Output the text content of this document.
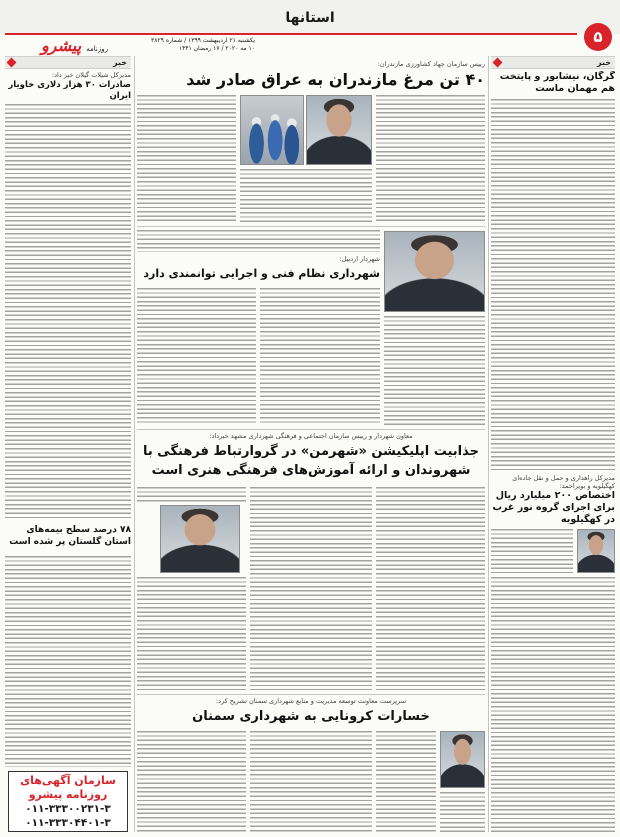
استانها
۵
روزنامه پیشرو	یکشنبه ۲۱ اردیبهشت ۱۳۹۹ / شماره ۳۸۲۹
۱۰ مه ۲۰۲۰ / ۱۷ رمضان ۱۴۴۱
خبر
گرگان، نیشابور و پایتخت هم مهمان ماست
مدیرکل راهداری و حمل و نقل جاده‌ای کهگیلویه و بویراحمد:
اختصاص ۲۰۰ میلیارد ریال برای اجرای گروه نور غرب در کهگیلویه
خبر
مدیرکل شیلات گیلان خبر داد:
صادرات ۳۰ هزار دلاری خاویار ایران
۷۸ درصد سطح بیمه‌های استان گلستان پر شده است
سازمان آگهی‌های
روزنامه پیشرو
۰۱۱-۳۳۳۰۰۲۳۱-۳
۰۱۱-۳۳۳۰۴۴۰۱-۳
رییس سازمان جهاد کشاورزی مازندران:
۴۰ تن مرغ مازندران به عراق صادر شد
شهردار اردبیل:
شهرداری نظام فنی و اجرایی توانمندی دارد
معاون شهردار و رییس سازمان اجتماعی و فرهنگی شهرداری مشهد خبرداد:
جذابیت اپلیکیشن «شهرمن» در گروارتباط فرهنگی با شهروندان و ارائه آموزش‌های فرهنگی هنری است
سرپرست معاونت توسعه مدیریت و منابع شهرداری سمنان تشریح کرد:
خسارات کرونایی به شهرداری سمنان
